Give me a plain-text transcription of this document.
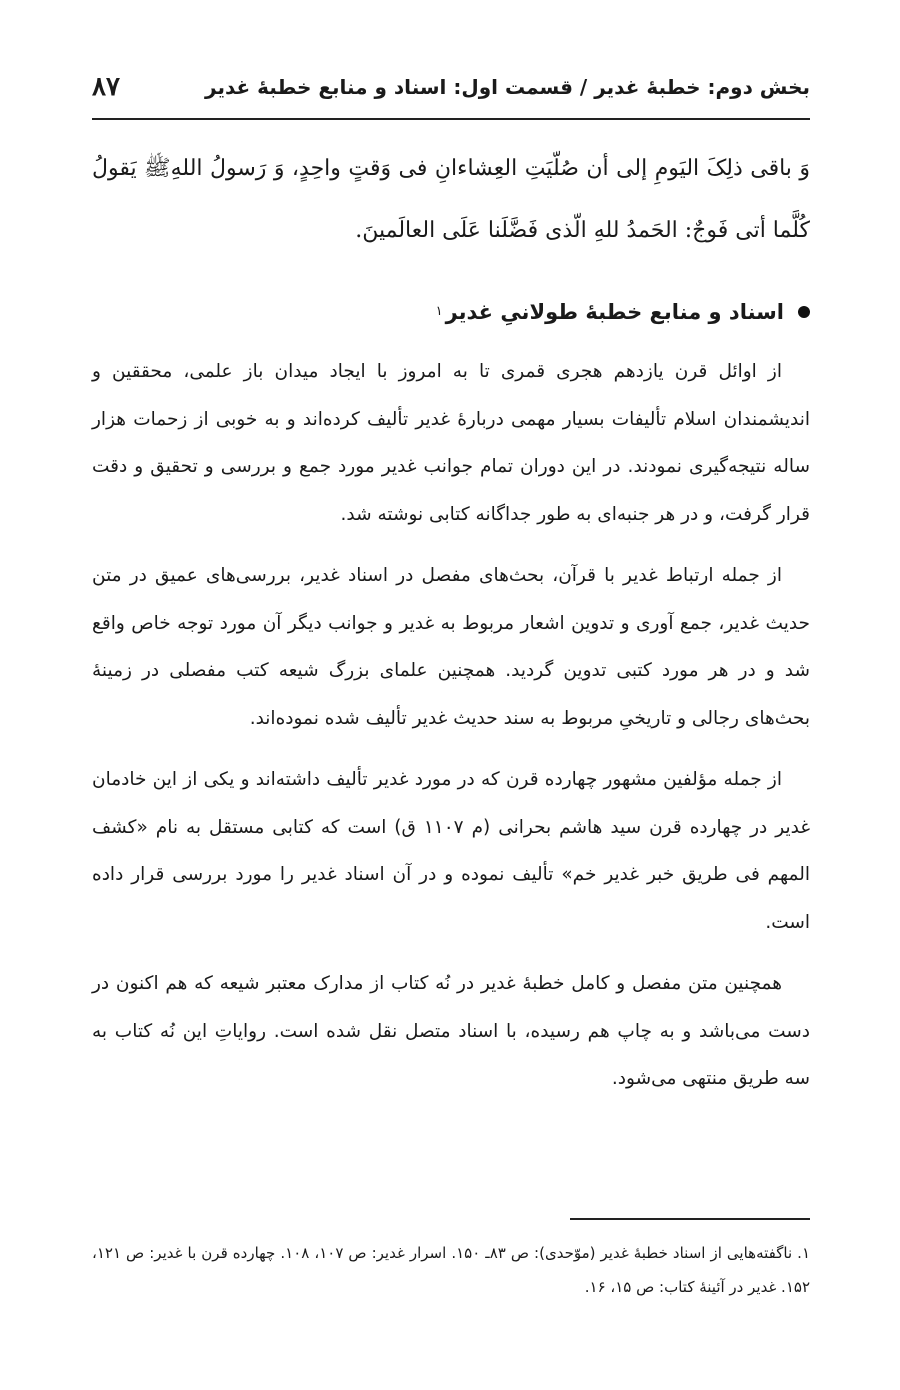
بخش دوم: خطبهٔ غدیر / قسمت اول: اسناد و منابع خطبهٔ غدیر
۸۷
وَ باقی ذلِکَ الیَومِ إلی أن صُلّیَتِ العِشاءانِ فی وَقتٍ واحِدٍ، وَ رَسولُ اللهِﷺ یَقولُ کُلَّما أتی فَوجٌ: الحَمدُ للهِ الّذی فَضَّلَنا عَلَی العالَمینَ.
اسناد و منابع خطبهٔ طولانیِ غدیر
۱

از اوائل قرن یازدهم هجری قمری تا به امروز با ایجاد میدان باز علمی، محققین و اندیشمندان اسلام تألیفات بسیار مهمی دربارهٔ غدیر تألیف کرده‌اند و به خوبی از زحمات هزار ساله نتیجه‌گیری نمودند. در این دوران تمام جوانب غدیر مورد جمع و بررسی و تحقیق و دقت قرار گرفت، و در هر جنبه‌ای به طور جداگانه کتابی نوشته شد.

از جمله ارتباط غدیر با قرآن، بحث‌های مفصل در اسناد غدیر، بررسی‌های عمیق در متن حدیث غدیر، جمع آوری و تدوین اشعار مربوط به غدیر و جوانب دیگر آن مورد توجه خاص واقع شد و در هر مورد کتبی تدوین گردید. همچنین علمای بزرگ شیعه کتب مفصلی در زمینهٔ بحث‌های رجالی و تاریخیِ مربوط به سند حدیث غدیر تألیف شده نموده‌اند.

از جمله مؤلفین مشهور چهارده قرن که در مورد غدیر تألیف داشته‌اند و یکی از این خادمان غدیر در چهارده قرن سید هاشم بحرانی (م ۱۱۰۷ ق) است که کتابی مستقل به نام «کشف المهم فی طریق خبر غدیر خم» تألیف نموده و در آن اسناد غدیر را مورد بررسی قرار داده است.

همچنین متن مفصل و کامل خطبهٔ غدیر در نُه کتاب از مدارک معتبر شیعه که هم اکنون در دست می‌باشد و به چاپ هم رسیده، با اسناد متصل نقل شده است. روایاتِ این نُه کتاب به سه طریق منتهی می‌شود.

۱. ناگفته‌هایی از اسناد خطبهٔ غدیر (موّحدی): ص ۸۳ـ ۱۵۰. اسرار غدیر: ص ۱۰۷، ۱۰۸. چهارده قرن با غدیر: ص ۱۲۱، ۱۵۲. غدیر در آئینهٔ کتاب: ص ۱۵، ۱۶.
